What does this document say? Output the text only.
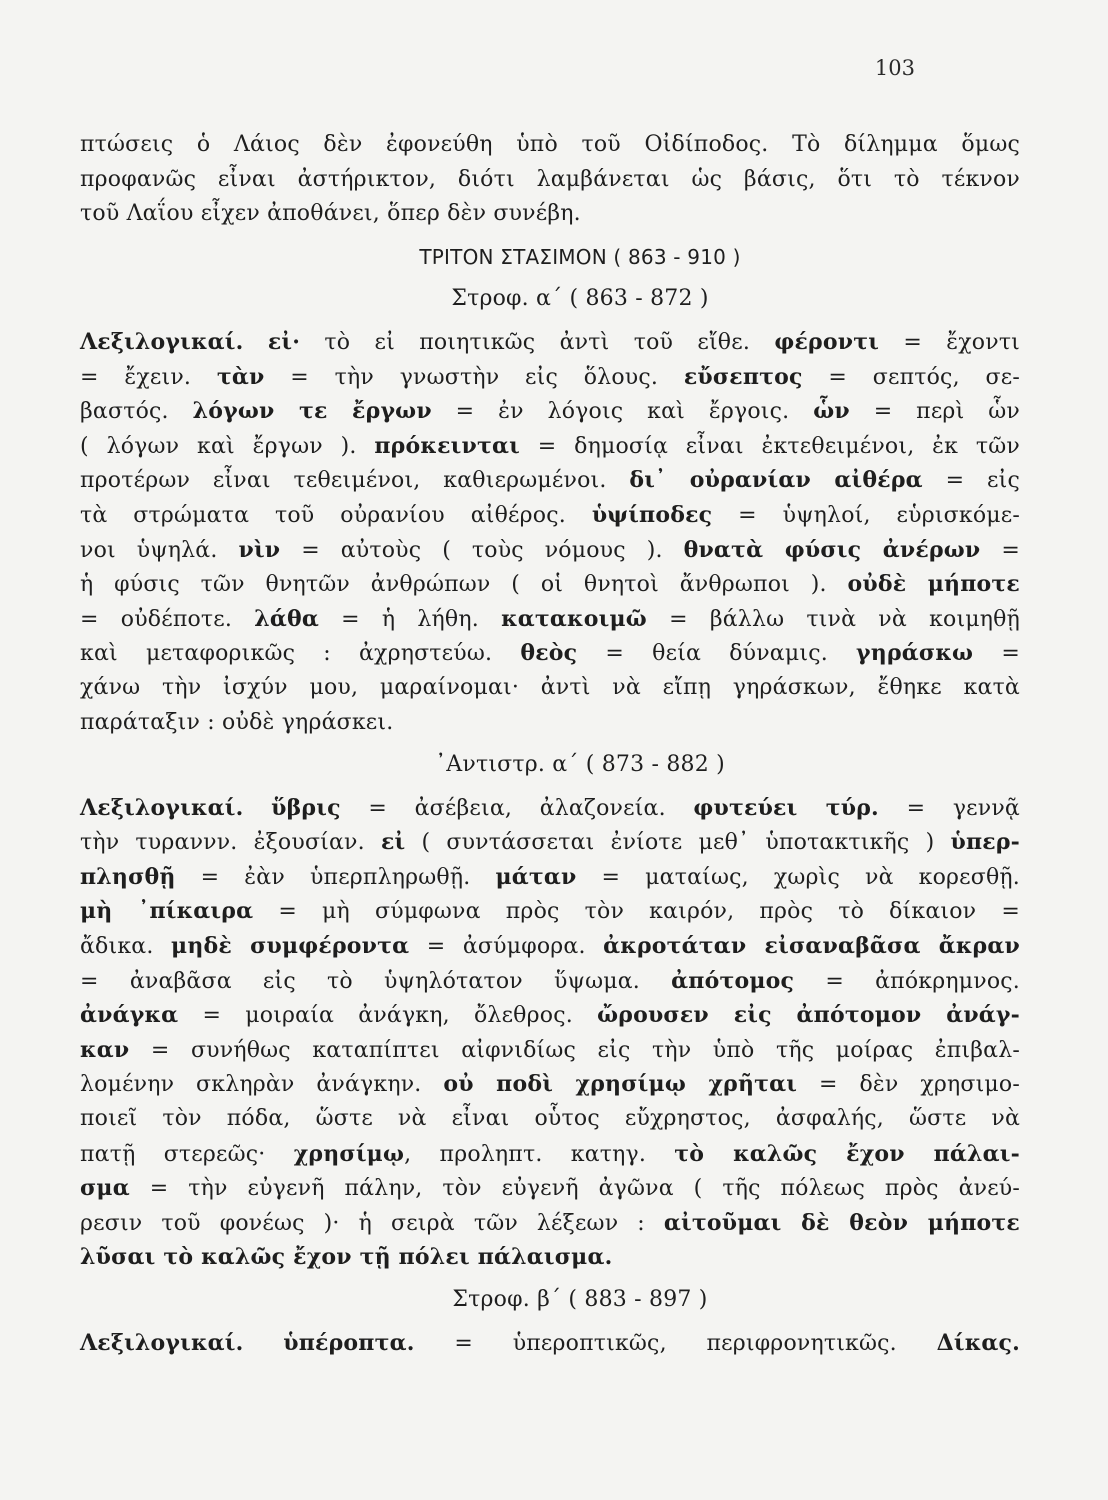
103
πτώσεις ὁ Λάιος δὲν ἐφονεύθη ὑπὸ τοῦ Οἰδίποδος. Τὸ δίλημμα ὅμως
προφανῶς εἶναι ἀστήρικτον, διότι λαμβάνεται ὡς βάσις, ὅτι τὸ τέκνον
τοῦ Λαΐου εἶχεν ἀποθάνει, ὅπερ δὲν συνέβη.
ΤΡΙΤΟΝ ΣΤΑΣΙΜΟΝ ( 863 - 910 )
Στροφ. α΄ ( 863 - 872 )
Λεξιλογικαί. εἰ· τὸ εἰ ποιητικῶς ἀντὶ τοῦ εἴθε. φέροντι = ἔχοντι
= ἔχειν. τὰν = τὴν γνωστὴν εἰς ὅλους. εὔσεπτος = σεπτός, σε-
βαστός. λόγων τε ἔργων = ἐν λόγοις καὶ ἔργοις. ὧν = περὶ ὧν
( λόγων καὶ ἔργων ). πρόκεινται = δημοσίᾳ εἶναι ἐκτεθειμένοι, ἐκ τῶν
προτέρων εἶναι τεθειμένοι, καθιερωμένοι. δι᾽ οὐρανίαν αἰθέρα = εἰς
τὰ στρώματα τοῦ οὐρανίου αἰθέρος. ὑψίποδες = ὑψηλοί, εὑρισκόμε-
νοι ὑψηλά. νὶν = αὐτοὺς ( τοὺς νόμους ). θνατὰ φύσις ἀνέρων =
ἡ φύσις τῶν θνητῶν ἀνθρώπων ( οἱ θνητοὶ ἄνθρωποι ). οὐδὲ μήποτε
= οὐδέποτε. λάθα = ἡ λήθη. κατακοιμῶ = βάλλω τινὰ νὰ κοιμηθῇ
καὶ μεταφορικῶς : ἀχρηστεύω. θεὸς = θεία δύναμις. γηράσκω =
χάνω τὴν ἰσχύν μου, μαραίνομαι· ἀντὶ νὰ εἴπῃ γηράσκων, ἔθηκε κατὰ
παράταξιν : οὐδὲ γηράσκει.
᾽Αντιστρ. α΄ ( 873 - 882 )
Λεξιλογικαί. ὕβρις = ἀσέβεια, ἀλαζονεία. φυτεύει τύρ. = γεννᾷ
τὴν τυραννν. ἐξουσίαν. εἰ ( συντάσσεται ἐνίοτε μεθ᾽ ὑποτακτικῆς ) ὑπερ-
πλησθῇ = ἐὰν ὑπερπληρωθῇ. μάταν = ματαίως, χωρὶς νὰ κορεσθῇ.
μὴ ᾽πίκαιρα = μὴ σύμφωνα πρὸς τὸν καιρόν, πρὸς τὸ δίκαιον =
ἄδικα. μηδὲ συμφέροντα = ἀσύμφορα. ἀκροτάταν εἰσαναβᾶσα ἄκραν
= ἀναβᾶσα εἰς τὸ ὑψηλότατον ὕψωμα. ἀπότομος = ἀπόκρημνος.
ἀνάγκα = μοιραία ἀνάγκη, ὄλεθρος. ὤρουσεν εἰς ἀπότομον ἀνάγ-
καν = συνήθως καταπίπτει αἰφνιδίως εἰς τὴν ὑπὸ τῆς μοίρας ἐπιβαλ-
λομένην σκληρὰν ἀνάγκην. οὐ ποδὶ χρησίμῳ χρῆται = δὲν χρησιμο-
ποιεῖ τὸν πόδα, ὥστε νὰ εἶναι οὗτος εὔχρηστος, ἀσφαλής, ὥστε νὰ
πατῇ στερεῶς· χρησίμῳ, προληπτ. κατηγ. τὸ καλῶς ἔχον πάλαι-
σμα = τὴν εὐγενῆ πάλην, τὸν εὐγενῆ ἀγῶνα ( τῆς πόλεως πρὸς ἀνεύ-
ρεσιν τοῦ φονέως )· ἡ σειρὰ τῶν λέξεων : αἰτοῦμαι δὲ θεὸν μήποτε
λῦσαι τὸ καλῶς ἔχον τῇ πόλει πάλαισμα.
Στροφ. β΄ ( 883 - 897 )
Λεξιλογικαί. ὑπέροπτα. = ὑπεροπτικῶς, περιφρονητικῶς. Δίκας.
